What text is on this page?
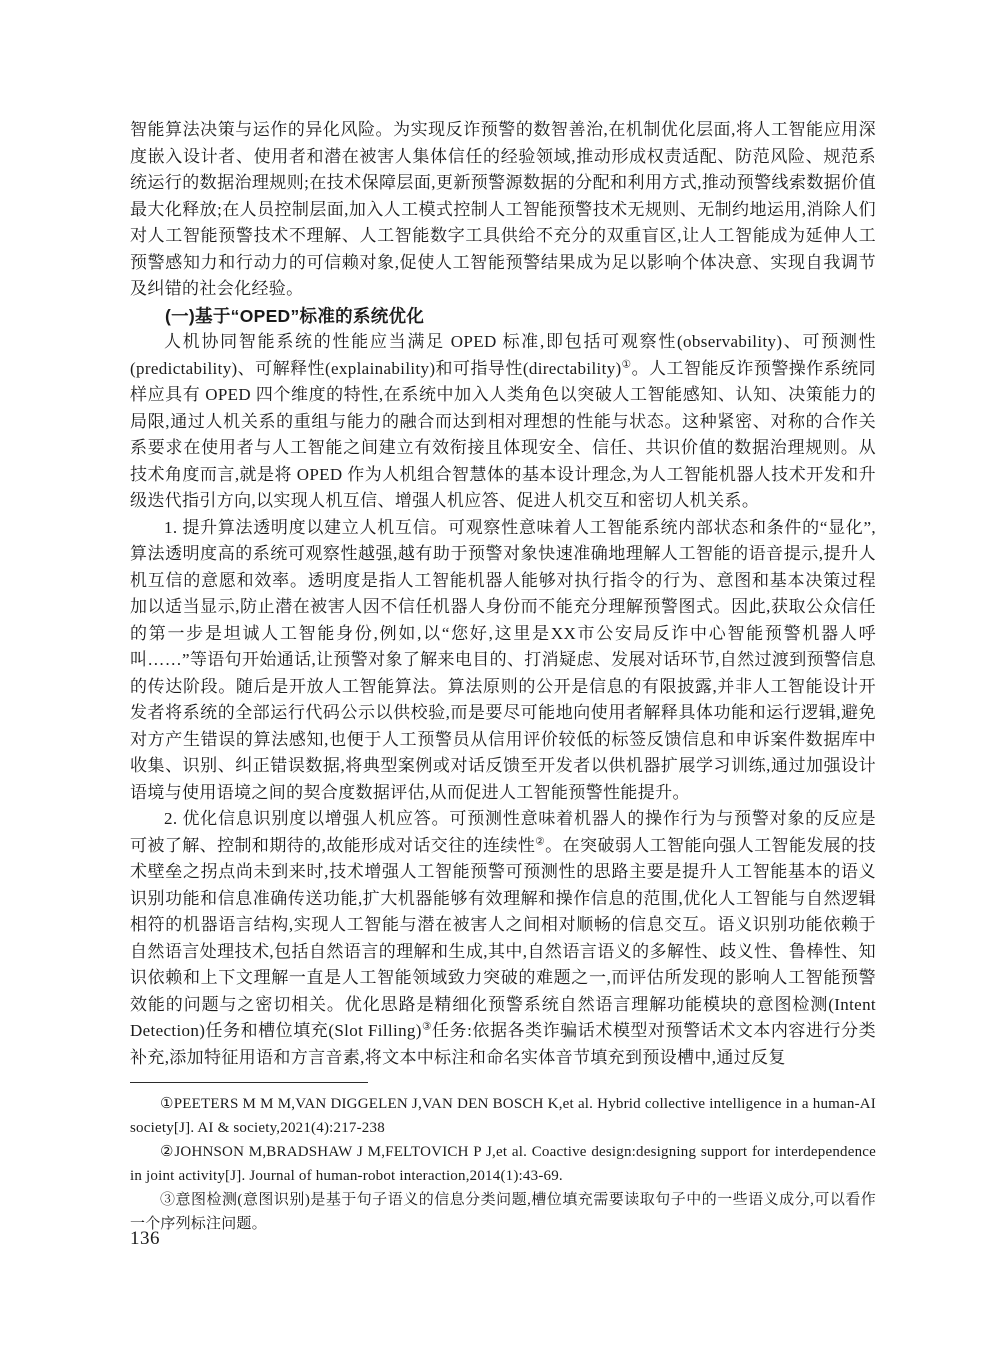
智能算法决策与运作的异化风险。为实现反诈预警的数智善治,在机制优化层面,将人工智能应用深度嵌入设计者、使用者和潜在被害人集体信任的经验领域,推动形成权责适配、防范风险、规范系统运行的数据治理规则;在技术保障层面,更新预警源数据的分配和利用方式,推动预警线索数据价值最大化释放;在人员控制层面,加入人工模式控制人工智能预警技术无规则、无制约地运用,消除人们对人工智能预警技术不理解、人工智能数字工具供给不充分的双重盲区,让人工智能成为延伸人工预警感知力和行动力的可信赖对象,促使人工智能预警结果成为足以影响个体决意、实现自我调节及纠错的社会化经验。

(一)基于“OPED”标准的系统优化

人机协同智能系统的性能应当满足 OPED 标准,即包括可观察性(observability)、可预测性(predictability)、可解释性(explainability)和可指导性(directability)①。人工智能反诈预警操作系统同样应具有 OPED 四个维度的特性,在系统中加入人类角色以突破人工智能感知、认知、决策能力的局限,通过人机关系的重组与能力的融合而达到相对理想的性能与状态。这种紧密、对称的合作关系要求在使用者与人工智能之间建立有效衔接且体现安全、信任、共识价值的数据治理规则。从技术角度而言,就是将 OPED 作为人机组合智慧体的基本设计理念,为人工智能机器人技术开发和升级迭代指引方向,以实现人机互信、增强人机应答、促进人机交互和密切人机关系。

1. 提升算法透明度以建立人机互信。可观察性意味着人工智能系统内部状态和条件的“显化”,算法透明度高的系统可观察性越强,越有助于预警对象快速准确地理解人工智能的语音提示,提升人机互信的意愿和效率。透明度是指人工智能机器人能够对执行指令的行为、意图和基本决策过程加以适当显示,防止潜在被害人因不信任机器人身份而不能充分理解预警图式。因此,获取公众信任的第一步是坦诚人工智能身份,例如,以“您好,这里是XX市公安局反诈中心智能预警机器人呼叫……”等语句开始通话,让预警对象了解来电目的、打消疑虑、发展对话环节,自然过渡到预警信息的传达阶段。随后是开放人工智能算法。算法原则的公开是信息的有限披露,并非人工智能设计开发者将系统的全部运行代码公示以供校验,而是要尽可能地向使用者解释具体功能和运行逻辑,避免对方产生错误的算法感知,也便于人工预警员从信用评价较低的标签反馈信息和申诉案件数据库中收集、识别、纠正错误数据,将典型案例或对话反馈至开发者以供机器扩展学习训练,通过加强设计语境与使用语境之间的契合度数据评估,从而促进人工智能预警性能提升。

2. 优化信息识别度以增强人机应答。可预测性意味着机器人的操作行为与预警对象的反应是可被了解、控制和期待的,故能形成对话交往的连续性②。在突破弱人工智能向强人工智能发展的技术壁垒之拐点尚未到来时,技术增强人工智能预警可预测性的思路主要是提升人工智能基本的语义识别功能和信息准确传送功能,扩大机器能够有效理解和操作信息的范围,优化人工智能与自然逻辑相符的机器语言结构,实现人工智能与潜在被害人之间相对顺畅的信息交互。语义识别功能依赖于自然语言处理技术,包括自然语言的理解和生成,其中,自然语言语义的多解性、歧义性、鲁棒性、知识依赖和上下文理解一直是人工智能领域致力突破的难题之一,而评估所发现的影响人工智能预警效能的问题与之密切相关。优化思路是精细化预警系统自然语言理解功能模块的意图检测(Intent Detection)任务和槽位填充(Slot Filling)③任务:依据各类诈骗话术模型对预警话术文本内容进行分类补充,添加特征用语和方言音素,将文本中标注和命名实体音节填充到预设槽中,通过反复

①PEETERS M M M,VAN DIGGELEN J,VAN DEN BOSCH K,et al. Hybrid collective intelligence in a human-AI society[J]. AI & society,2021(4):217-238

②JOHNSON M,BRADSHAW J M,FELTOVICH P J,et al. Coactive design:designing support for interdependence in joint activity[J]. Journal of human-robot interaction,2014(1):43-69.

③意图检测(意图识别)是基于句子语义的信息分类问题,槽位填充需要读取句子中的一些语义成分,可以看作一个序列标注问题。

136
